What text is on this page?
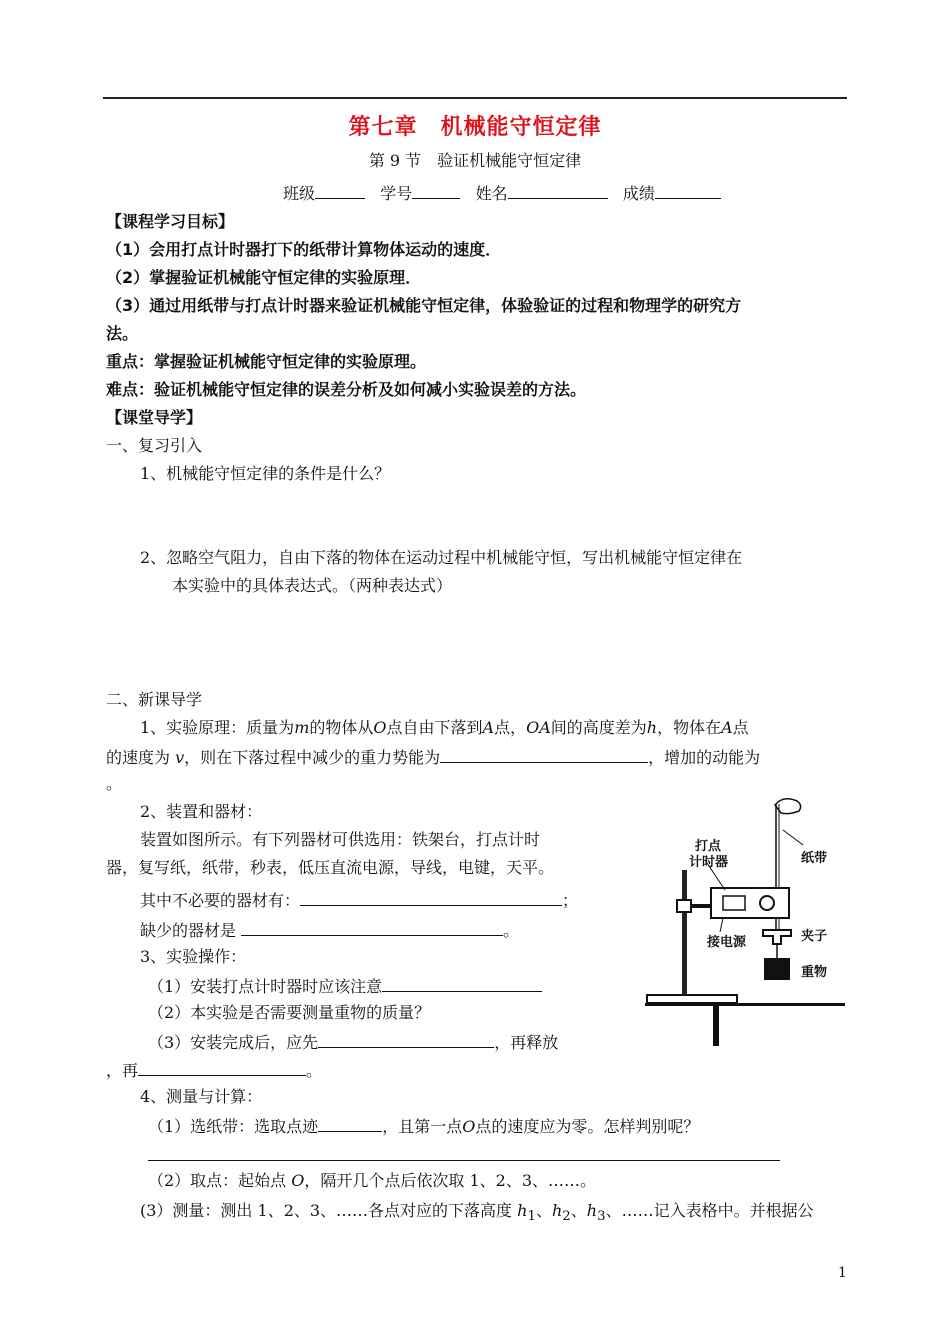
第七章　机械能守恒定律
第 9 节　验证机械能守恒定律
班级	学号	姓名	成绩
【课程学习目标】
（1）会用打点计时器打下的纸带计算物体运动的速度．
（2）掌握验证机械能守恒定律的实验原理．
（3）通过用纸带与打点计时器来验证机械能守恒定律，体验验证的过程和物理学的研究方
法。
重点：掌握验证机械能守恒定律的实验原理。
难点：验证机械能守恒定律的误差分析及如何减小实验误差的方法。
【课堂导学】
一、复习引入
1、机械能守恒定律的条件是什么？
2、忽略空气阻力，自由下落的物体在运动过程中机械能守恒，写出机械能守恒定律在
本实验中的具体表达式。（两种表达式）
二、新课导学
1、实验原理：质量为m的物体从O点自由下落到A点，OA间的高度差为h，物体在A点
的速度为 v，则在下落过程中减少的重力势能为	，增加的动能为
。
2、装置和器材：
装置如图所示。有下列器材可供选用：铁架台，打点计时
器，复写纸，纸带，秒表，低压直流电源，导线，电键，天平。
其中不必要的器材有：	；
缺少的器材是	。
3、实验操作：
（1）安装打点计时器时应该注意
（2）本实验是否需要测量重物的质量？
（3）安装完成后，应先	，再释放
，再	。
4、测量与计算：
（1）选纸带：选取点迹	，且第一点O点的速度应为零。怎样判别呢？
（2）取点：起始点 O，隔开几个点后依次取 1、2、3、……。
(3）测量：测出 1、2、3、……各点对应的下落高度 $h_1$、$h_2$、$h_3$、……记入表格中。并根据公
打点
计时器	纸带
接电源	夹子
重物
1
